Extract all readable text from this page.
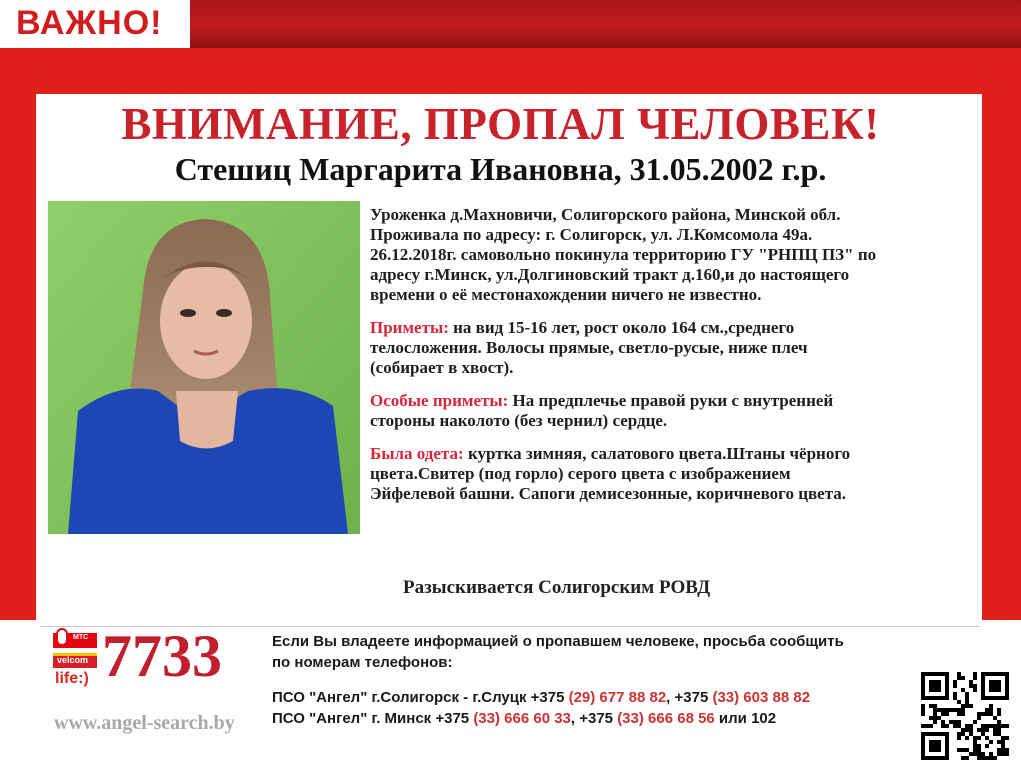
ВАЖНО!
ВНИМАНИЕ, ПРОПАЛ ЧЕЛОВЕК!
Стешиц Маргарита Ивановна, 31.05.2002 г.р.

Уроженка д.Махновичи, Солигорского района, Минской обл.
Проживала по адресу: г. Солигорск, ул. Л.Комсомола 49а.
26.12.2018г. самовольно покинула территорию ГУ "РНПЦ ПЗ" по
адресу г.Минск, ул.Долгиновский тракт д.160,и до настоящего
времени о её местонахождении ничего не известно.

Приметы: на вид 15-16 лет, рост около 164 см.,среднего
телосложения. Волосы прямые, светло-русые, ниже плеч
(собирает в хвост).

Особые приметы: На предплечье правой руки с внутренней
стороны наколото (без чернил) сердце.

Была одета: куртка зимняя, салатового цвета.Штаны чёрного
цвета.Свитер (под горло) серого цвета с изображением
Эйфелевой башни. Сапоги демисезонные, коричневого цвета.

Разыскивается Солигорским РОВД
МТС
velcom
life:) 7733
www.angel-search.by
Если Вы владеете информацией о пропавшем человеке, просьба сообщить
по номерам телефонов:
ПСО "Ангел" г.Солигорск - г.Слуцк +375 (29) 677 88 82, +375 (33) 603 88 82
ПСО "Ангел" г. Минск +375 (33) 666 60 33, +375 (33) 666 68 56 или 102
